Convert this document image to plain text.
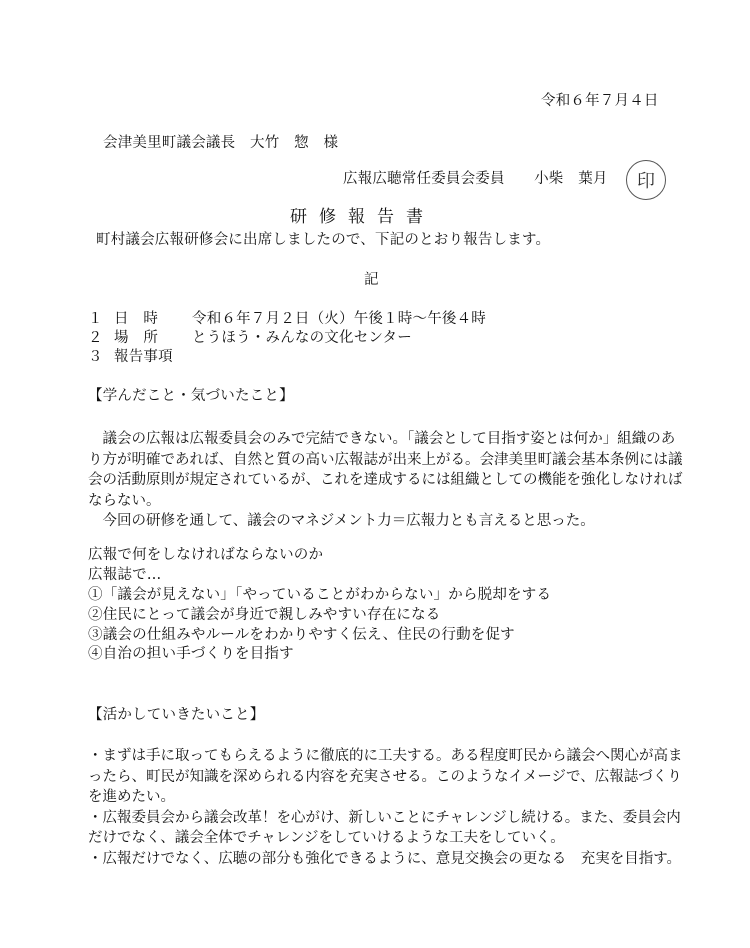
令和６年７月４日
会津美里町議会議長　大竹　惣　様
広報広聴常任委員会委員　　小柴　葉月	印
研修報告書
町村議会広報研修会に出席しましたので、下記のとおり報告します。
記
１ 日　時 令和６年７月２日（火）午後１時～午後４時
２ 場　所 とうほう・みんなの文化センター
３ 報告事項
【学んだこと・気づいたこと】

　議会の広報は広報委員会のみで完結できない。「議会として目指す姿とは何か」組織のあり方が明確であれば、自然と質の高い広報誌が出来上がる。会津美里町議会基本条例には議会の活動原則が規定されているが、これを達成するには組織としての機能を強化しなければならない。

　今回の研修を通して、議会のマネジメント力＝広報力とも言えると思った。

広報で何をしなければならないのか
広報誌で…
①「議会が見えない」「やっていることがわからない」から脱却をする
②住民にとって議会が身近で親しみやすい存在になる
③議会の仕組みやルールをわかりやすく伝え、住民の行動を促す
④自治の担い手づくりを目指す
【活かしていきたいこと】

・まずは手に取ってもらえるように徹底的に工夫する。ある程度町民から議会へ関心が高まったら、町民が知識を深められる内容を充実させる。このようなイメージで、広報誌づくりを進めたい。

・広報委員会から議会改革！を心がけ、新しいことにチャレンジし続ける。また、委員会内だけでなく、議会全体でチャレンジをしていけるような工夫をしていく。

・広報だけでなく、広聴の部分も強化できるように、意見交換会の更なる　充実を目指す。
